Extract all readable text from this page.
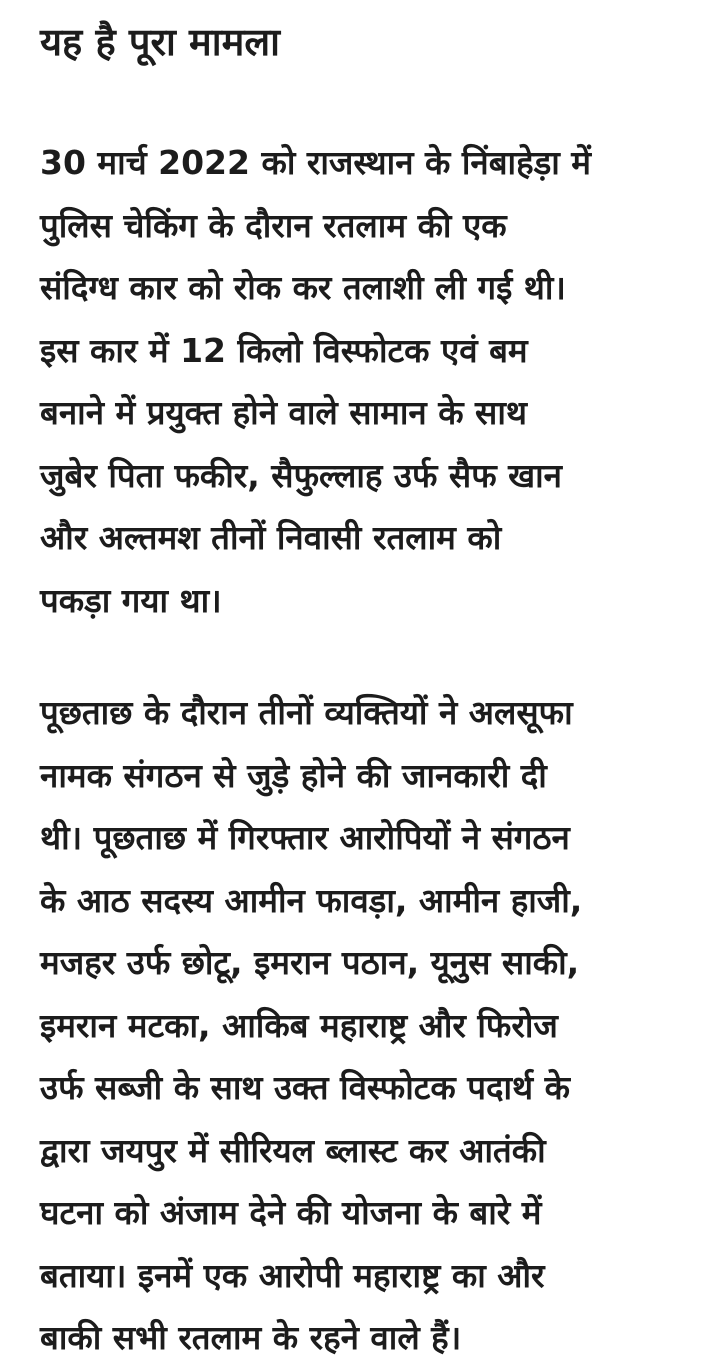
यह है पूरा मामला
30 मार्च 2022 को राजस्थान के निंबाहेड़ा में
पुलिस चेकिंग के दौरान रतलाम की एक
संदिग्ध कार को रोक कर तलाशी ली गई थी।
इस कार में 12 किलो विस्फोटक एवं बम
बनाने में प्रयुक्त होने वाले सामान के साथ
जुबेर पिता फकीर, सैफुल्लाह उर्फ सैफ खान
और अल्तमश तीनों निवासी रतलाम को
पकड़ा गया था।
पूछताछ के दौरान तीनों व्यक्तियों ने अलसूफा
नामक संगठन से जुड़े होने की जानकारी दी
थी। पूछताछ में गिरफ्तार आरोपियों ने संगठन
के आठ सदस्य आमीन फावड़ा, आमीन हाजी,
मजहर उर्फ छोटू, इमरान पठान, यूनुस साकी,
इमरान मटका, आकिब महाराष्ट्र और फिरोज
उर्फ सब्जी के साथ उक्त विस्फोटक पदार्थ के
द्वारा जयपुर में सीरियल ब्लास्ट कर आतंकी
घटना को अंजाम देने की योजना के बारे में
बताया। इनमें एक आरोपी महाराष्ट्र का और
बाकी सभी रतलाम के रहने वाले हैं।
